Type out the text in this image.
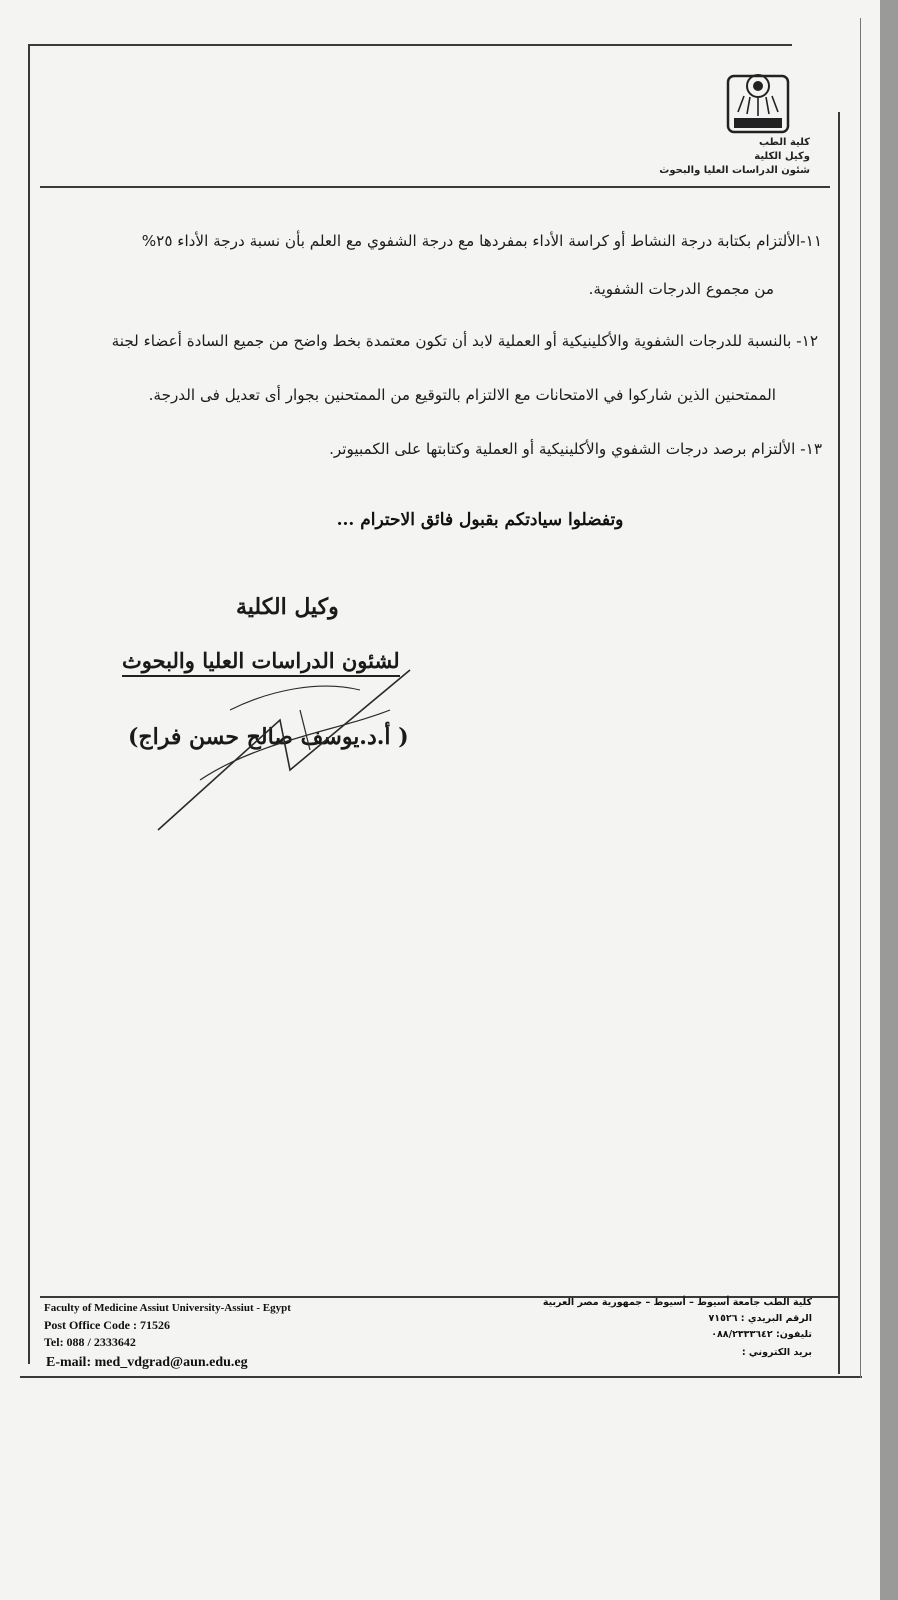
كلية الطب
وكيل الكلية
شئون الدراسات العليا والبحوث
١١-الألتزام بكتابة درجة النشاط أو كراسة الأداء بمفردها مع درجة الشفوي مع العلم بأن نسبة درجة الأداء ٢٥%
من مجموع الدرجات الشفوية.
١٢- بالنسبة للدرجات الشفوية والأكلينيكية أو العملية لابد أن تكون معتمدة بخط واضح من جميع السادة أعضاء لجنة
الممتحنين الذين شاركوا في الامتحانات مع الالتزام بالتوقيع من الممتحنين بجوار أى تعديل فى الدرجة.
١٣- الألتزام برصد درجات الشفوي والأكلينيكية أو العملية وكتابتها على الكمبيوتر.
وتفضلوا سيادتكم بقبول فائق الاحترام ...
وكيل الكلية
لشئون الدراسات العليا والبحوث
( أ.د.يوسف صالح حسن فراج)
Faculty of Medicine Assiut University-Assiut - Egypt
Post Office Code : 71526
Tel: 088 / 2333642
E-mail: med_vdgrad@aun.edu.eg
كلية الطب جامعة أسيوط – أسيوط – جمهورية مصر العربية
الرقم البريدي : ٧١٥٢٦
تليفون: ٠٨٨/٢٣٣٣٦٤٢
بريد الكتروني :
